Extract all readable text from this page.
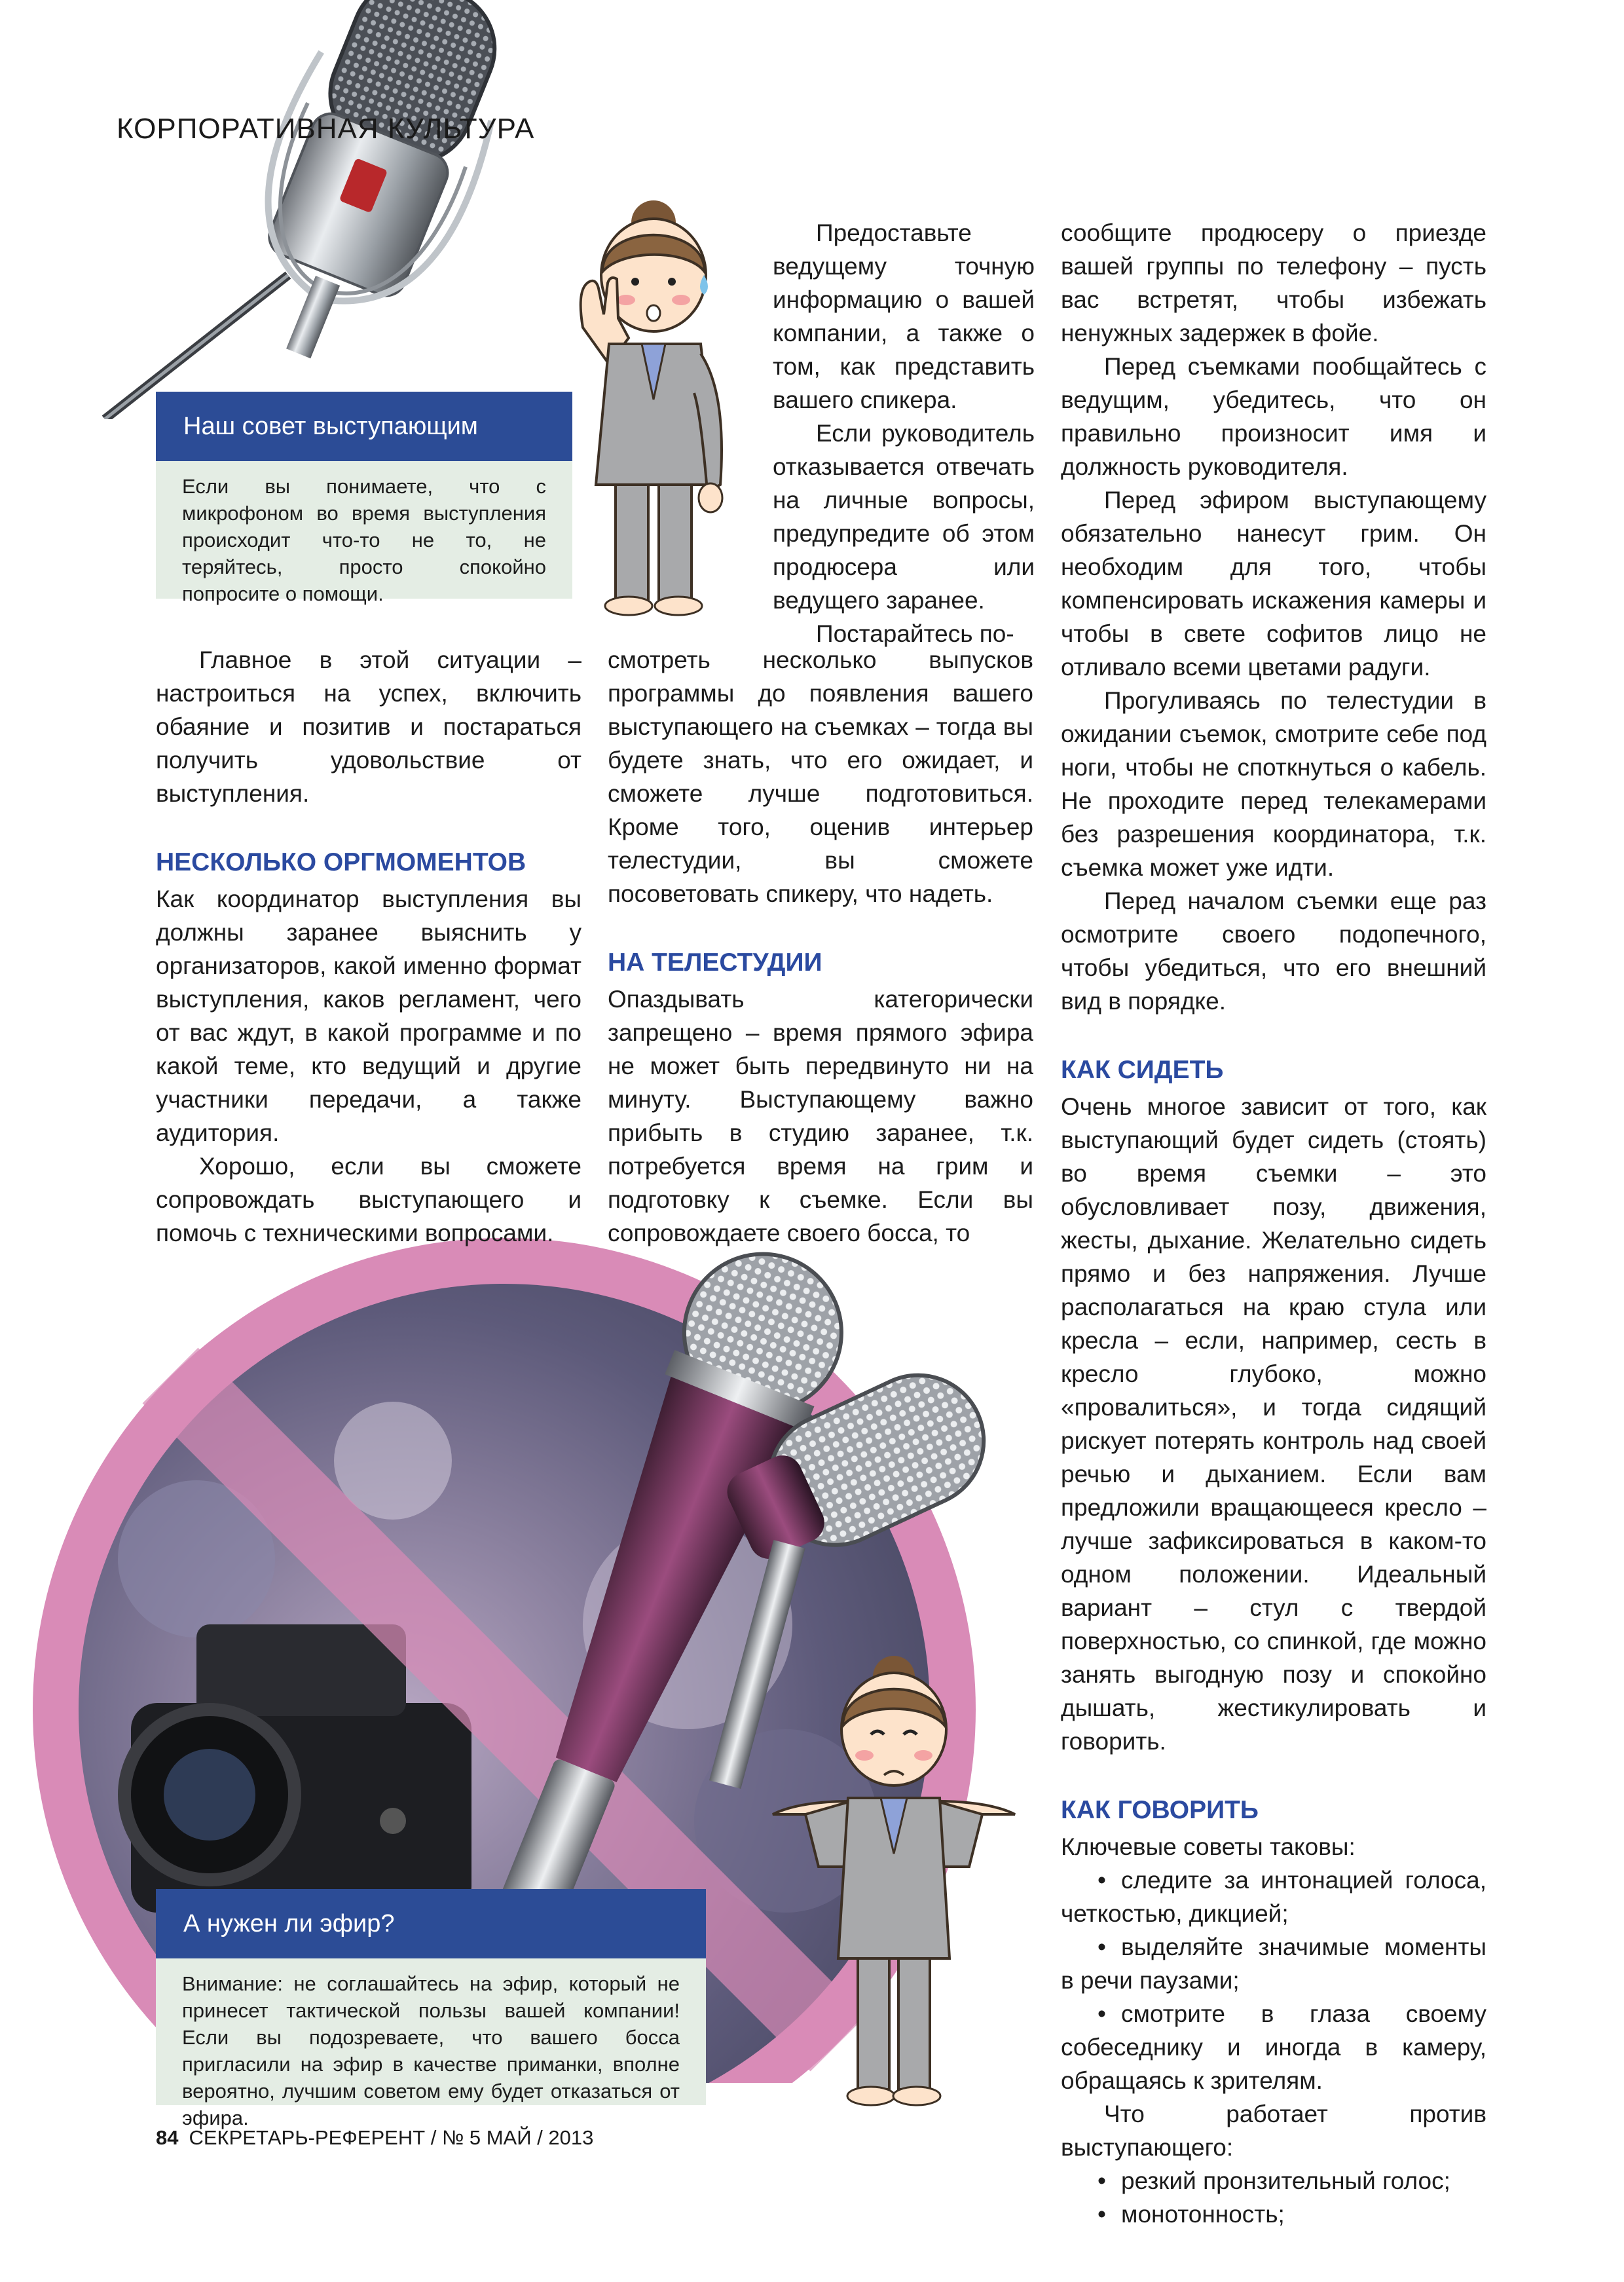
КОРПОРАТИВНАЯ КУЛЬТУРА
Наш совет выступающим
Если вы понимаете, что с микрофоном во время выступления происходит что-то не то, не теряйтесь, просто спокойно попросите о помощи.

Предоставьте ведущему точную информацию о вашей компании, а также о том, как представить вашего спикера.

Если руководитель отказывается отвечать на личные вопросы, предупредите об этом продюсера или ведущего заранее.

Постарайтесь по-

Главное в этой ситуации – настроиться на успех, включить обаяние и позитив и постараться получить удовольствие от выступления.

НЕСКОЛЬКО ОРГМОМЕНТОВ

Как координатор выступления вы должны заранее выяснить у организаторов, какой именно формат выступления, каков регламент, чего от вас ждут, в какой программе и по какой теме, кто ведущий и другие участники передачи, а также аудитория.

Хорошо, если вы сможете сопровождать выступающего и помочь с техническими вопросами.

смотреть несколько выпусков программы до появления вашего выступающего на съемках – тогда вы будете знать, что его ожидает, и сможете лучше подготовиться. Кроме того, оценив интерьер телестудии, вы сможете посоветовать спикеру, что надеть.

НА ТЕЛЕСТУДИИ

Опаздывать категорически запрещено – время прямого эфира не может быть передвинуто ни на минуту. Выступающему важно прибыть в студию заранее, т.к. потребуется время на грим и подготовку к съемке. Если вы сопровождаете своего босса, то

сообщите продюсеру о приезде вашей группы по телефону – пусть вас встретят, чтобы избежать ненужных задержек в фойе.

Перед съемками пообщайтесь с ведущим, убедитесь, что он правильно произносит имя и должность руководителя.

Перед эфиром выступающему обязательно нанесут грим. Он необходим для того, чтобы компенсировать искажения камеры и чтобы в свете софитов лицо не отливало всеми цветами радуги.

Прогуливаясь по телестудии в ожидании съемок, смотрите себе под ноги, чтобы не споткнуться о кабель. Не проходите перед телекамерами без разрешения координатора, т.к. съемка может уже идти.

Перед началом съемки еще раз осмотрите своего подопечного, чтобы убедиться, что его внешний вид в порядке.

КАК СИДЕТЬ

Очень многое зависит от того, как выступающий будет сидеть (стоять) во время съемки – это обусловливает позу, движения, жесты, дыхание. Желательно сидеть прямо и без напряжения. Лучше располагаться на краю стула или кресла – если, например, сесть в кресло глубоко, можно «провалиться», и тогда сидящий рискует потерять контроль над своей речью и дыханием. Если вам предложили вращающееся кресло – лучше зафиксироваться в каком-то одном положении. Идеальный вариант – стул с твердой поверхностью, со спинкой, где можно занять выгодную позу и спокойно дышать, жестикулировать и говорить.

КАК ГОВОРИТЬ

Ключевые советы таковы:

• следите за интонацией голоса, четкостью, дикцией;
• выделяйте значимые моменты в речи паузами;
• смотрите в глаза своему собеседнику и иногда в камеру, обращаясь к зрителям.

Что работает против выступающего:

• резкий пронзительный голос;
• монотонность;
А нужен ли эфир?
Внимание: не соглашайтесь на эфир, который не принесет тактической пользы вашей компании! Если вы подозреваете, что вашего босса пригласили на эфир в качестве приманки, вполне вероятно, лучшим советом ему будет отказаться от эфира.
84 СЕКРЕТАРЬ-РЕФЕРЕНТ / № 5 МАЙ / 2013
